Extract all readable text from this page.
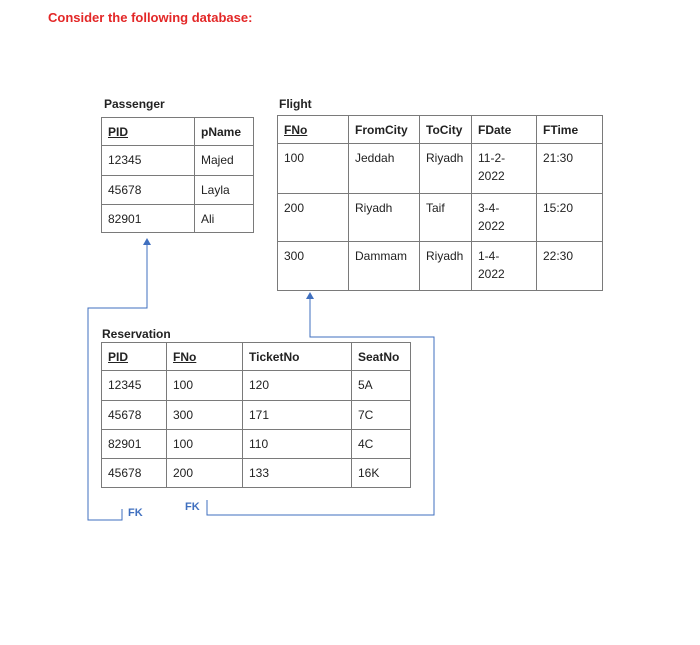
Consider the following database:
Passenger
PID	pName
12345	Majed
45678	Layla
82901	Ali
Flight
FNo	FromCity	ToCity	FDate	FTime
100	Jeddah	Riyadh	11-2-2022	21:30
200	Riyadh	Taif	3-4-2022	15:20
300	Dammam	Riyadh	1-4-2022	22:30
Reservation
PID	FNo	TicketNo	SeatNo
12345	100	120	5A
45678	300	171	7C
82901	100	110	4C
45678	200	133	16K
FK	FK
